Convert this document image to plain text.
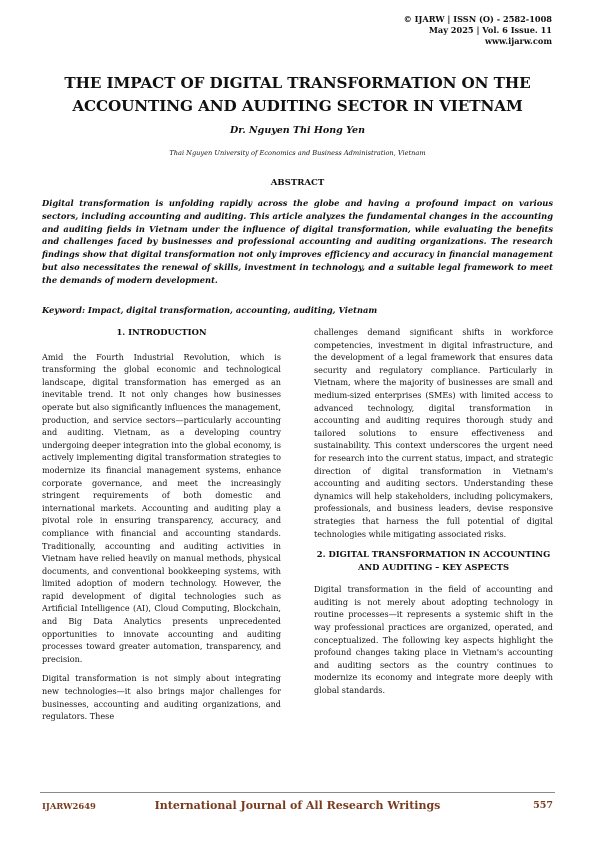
© IJARW | ISSN (O) - 2582-1008
May 2025 | Vol. 6 Issue. 11
www.ijarw.com
THE IMPACT OF DIGITAL TRANSFORMATION ON THE
ACCOUNTING AND AUDITING SECTOR IN VIETNAM
Dr. Nguyen Thi Hong Yen
Thai Nguyen University of Economics and Business Administration, Vietnam
ABSTRACT

Digital transformation is unfolding rapidly across the globe and having a profound impact on various sectors, including accounting and auditing. This article analyzes the fundamental changes in the accounting and auditing fields in Vietnam under the influence of digital transformation, while evaluating the benefits and challenges faced by businesses and professional accounting and auditing organizations. The research findings show that digital transformation not only improves efficiency and accuracy in financial management but also necessitates the renewal of skills, investment in technology, and a suitable legal framework to meet the demands of modern development.

Keyword: Impact, digital transformation, accounting, auditing, Vietnam
1. INTRODUCTION

Amid the Fourth Industrial Revolution, which is transforming the global economic and technological landscape, digital transformation has emerged as an inevitable trend. It not only changes how businesses operate but also significantly influences the management, production, and service sectors—particularly accounting and auditing. Vietnam, as a developing country undergoing deeper integration into the global economy, is actively implementing digital transformation strategies to modernize its financial management systems, enhance corporate governance, and meet the increasingly stringent requirements of both domestic and international markets. Accounting and auditing play a pivotal role in ensuring transparency, accuracy, and compliance with financial and accounting standards. Traditionally, accounting and auditing activities in Vietnam have relied heavily on manual methods, physical documents, and conventional bookkeeping systems, with limited adoption of modern technology. However, the rapid development of digital technologies such as Artificial Intelligence (AI), Cloud Computing, Blockchain, and Big Data Analytics presents unprecedented opportunities to innovate accounting and auditing processes toward greater automation, transparency, and precision.

Digital transformation is not simply about integrating new technologies—it also brings major challenges for businesses, accounting and auditing organizations, and regulators. These

challenges demand significant shifts in workforce competencies, investment in digital infrastructure, and the development of a legal framework that ensures data security and regulatory compliance. Particularly in Vietnam, where the majority of businesses are small and medium-sized enterprises (SMEs) with limited access to advanced technology, digital transformation in accounting and auditing requires thorough study and tailored solutions to ensure effectiveness and sustainability. This context underscores the urgent need for research into the current status, impact, and strategic direction of digital transformation in Vietnam's accounting and auditing sectors. Understanding these dynamics will help stakeholders, including policymakers, professionals, and business leaders, devise responsive strategies that harness the full potential of digital technologies while mitigating associated risks.

2. DIGITAL TRANSFORMATION IN ACCOUNTING AND AUDITING – KEY ASPECTS

Digital transformation in the field of accounting and auditing is not merely about adopting technology in routine processes—it represents a systemic shift in the way professional practices are organized, operated, and conceptualized. The following key aspects highlight the profound changes taking place in Vietnam's accounting and auditing sectors as the country continues to modernize its economy and integrate more deeply with global standards.

IJARW2649	International Journal of All Research Writings	557
